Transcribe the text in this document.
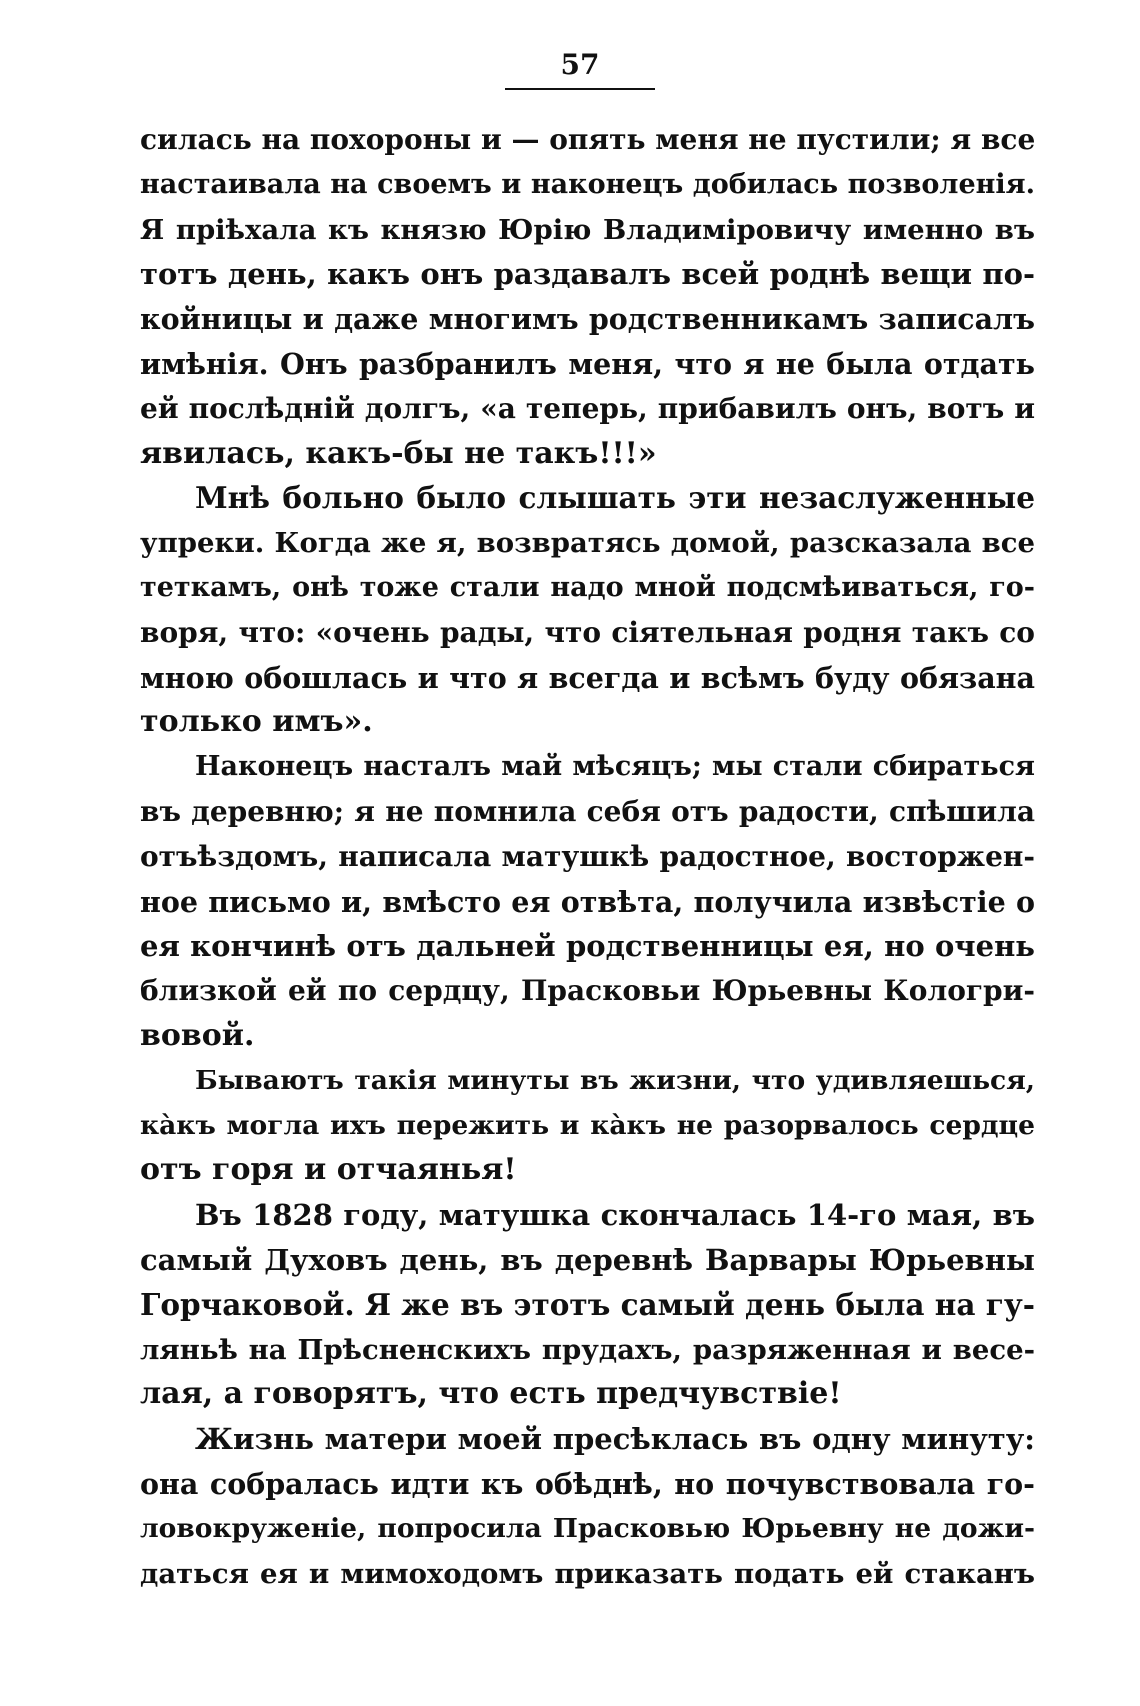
57
силась на похороны и — опять меня не пустили; я все
настаивала на своемъ и наконецъ добилась позволенія.
Я пріѣхала къ князю Юрію Владиміровичу именно въ
тотъ день, какъ онъ раздавалъ всей роднѣ вещи по-
койницы и даже многимъ родственникамъ записалъ
имѣнія. Онъ разбранилъ меня, что я не была отдать
ей послѣдній долгъ, «а теперь, прибавилъ онъ, вотъ и
явилась, какъ-бы не такъ!!!»
Мнѣ больно было слышать эти незаслуженные
упреки. Когда же я, возвратясь домой, разсказала все
теткамъ, онѣ тоже стали надо мной подсмѣиваться, го-
воря, что: «очень рады, что сіятельная родня такъ со
мною обошлась и что я всегда и всѣмъ буду обязана
только имъ».
Наконецъ насталъ май мѣсяцъ; мы стали сбираться
въ деревню; я не помнила себя отъ радости, спѣшила
отъѣздомъ, написала матушкѣ радостное, восторжен-
ное письмо и, вмѣсто ея отвѣта, получила извѣстіе о
ея кончинѣ отъ дальней родственницы ея, но очень
близкой ей по сердцу, Прасковьи Юрьевны Кологри-
вовой.
Бываютъ такія минуты въ жизни, что удивляешься,
кàкъ могла ихъ пережить и кàкъ не разорвалось сердце
отъ горя и отчаянья!
Въ 1828 году, матушка скончалась 14-го мая, въ
самый Духовъ день, въ деревнѣ Варвары Юрьевны
Горчаковой. Я же въ этотъ самый день была на гу-
ляньѣ на Прѣсненскихъ прудахъ, разряженная и весе-
лая, а говорятъ, что есть предчувствіе!
Жизнь матери моей пресѣклась въ одну минуту:
она собралась идти къ обѣднѣ, но почувствовала го-
ловокруженіе, попросила Прасковью Юрьевну не дожи-
даться ея и мимоходомъ приказать подать ей стаканъ
